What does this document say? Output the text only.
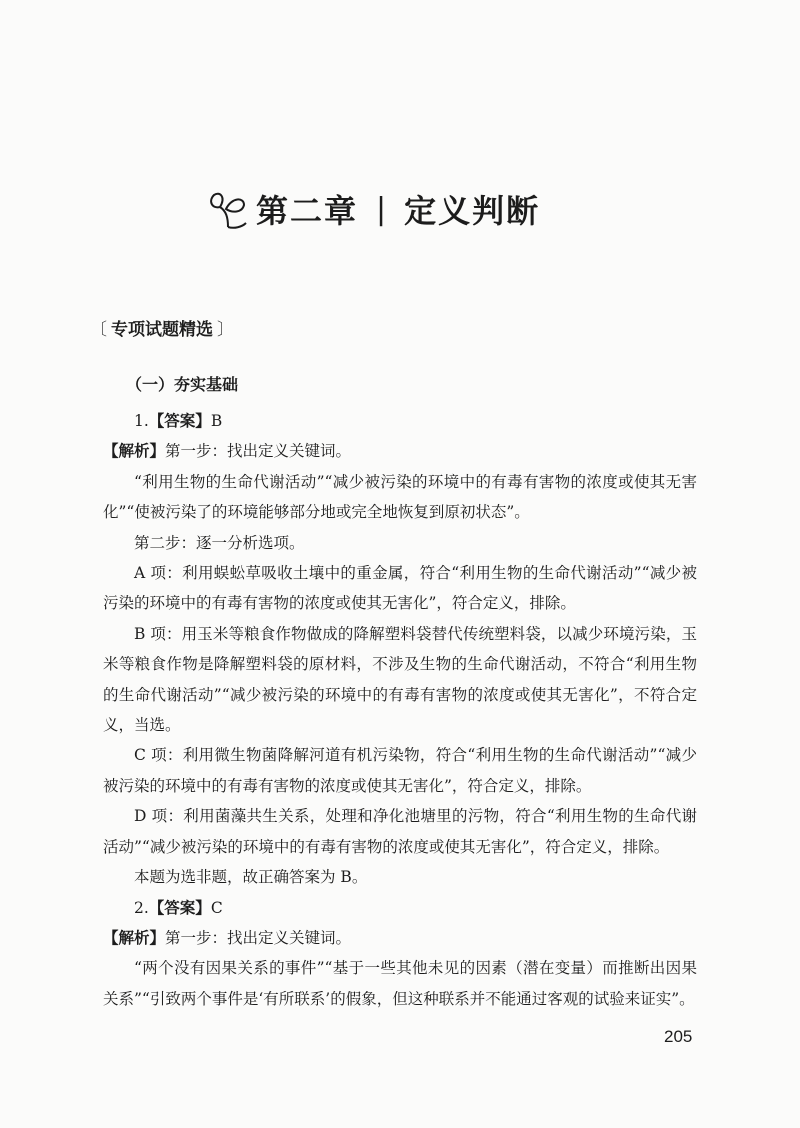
第二章 | 定义判断
〔 专项试题精选 〕
（一）夯实基础

1.【答案】B

【解析】第一步：找出定义关键词。

“利用生物的生命代谢活动”“减少被污染的环境中的有毒有害物的浓度或使其无害化”“使被污染了的环境能够部分地或完全地恢复到原初状态”。

第二步：逐一分析选项。

A 项：利用蜈蚣草吸收土壤中的重金属，符合“利用生物的生命代谢活动”“减少被污染的环境中的有毒有害物的浓度或使其无害化”，符合定义，排除。

B 项：用玉米等粮食作物做成的降解塑料袋替代传统塑料袋，以减少环境污染，玉米等粮食作物是降解塑料袋的原材料，不涉及生物的生命代谢活动，不符合“利用生物的生命代谢活动”“减少被污染的环境中的有毒有害物的浓度或使其无害化”，不符合定义，当选。

C 项：利用微生物菌降解河道有机污染物，符合“利用生物的生命代谢活动”“减少被污染的环境中的有毒有害物的浓度或使其无害化”，符合定义，排除。

D 项：利用菌藻共生关系，处理和净化池塘里的污物，符合“利用生物的生命代谢活动”“减少被污染的环境中的有毒有害物的浓度或使其无害化”，符合定义，排除。

本题为选非题，故正确答案为 B。

2.【答案】C

【解析】第一步：找出定义关键词。

“两个没有因果关系的事件”“基于一些其他未见的因素（潜在变量）而推断出因果关系”“引致两个事件是‘有所联系’的假象，但这种联系并不能通过客观的试验来证实”。

205
